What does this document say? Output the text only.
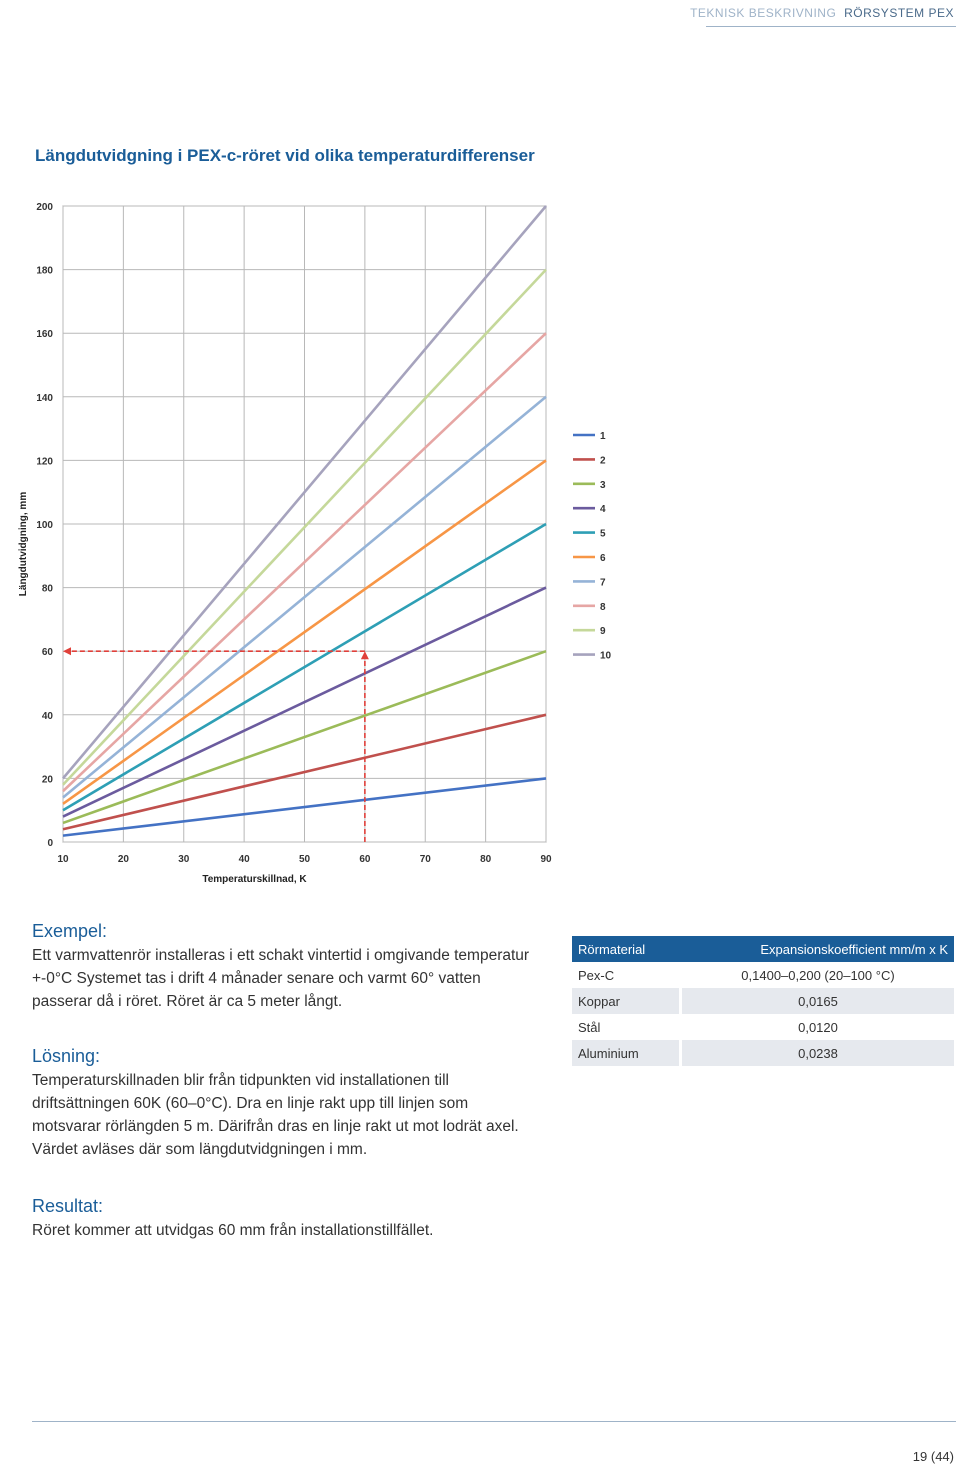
TEKNISK BESKRIVNING RÖRSYSTEM PEX
Längdutvidgning i PEX-c-röret vid olika temperaturdifferenser
0
20
40
60
80
100
120
140
160
180
200
10	20	30	40	50	60	70	80	90
Temperaturskillnad, K
Längdutvidgning, mm
1
2
3
4
5
6
7
8
9
10
Exempel:

Ett varmvattenrör installeras i ett schakt vintertid i omgivande temperatur +-0°C Systemet tas i drift 4 månader senare och varmt 60° vatten passerar då i röret. Röret är ca 5 meter långt.

Lösning:

Temperaturskillnaden blir från tidpunkten vid installationen till driftsättningen 60K (60–0°C). Dra en linje rakt upp till linjen som motsvarar rörlängden 5 m. Därifrån dras en linje rakt ut mot lodrät axel. Värdet avläses där som längdutvidgningen i mm.

Resultat:

Röret kommer att utvidgas 60 mm från installationstillfället.

Rörmaterial	Expansionskoefficient mm/m x K
Pex-C	0,1400–0,200 (20–100 °C)
Koppar	0,0165
Stål	0,0120
Aluminium	0,0238
19 (44)
